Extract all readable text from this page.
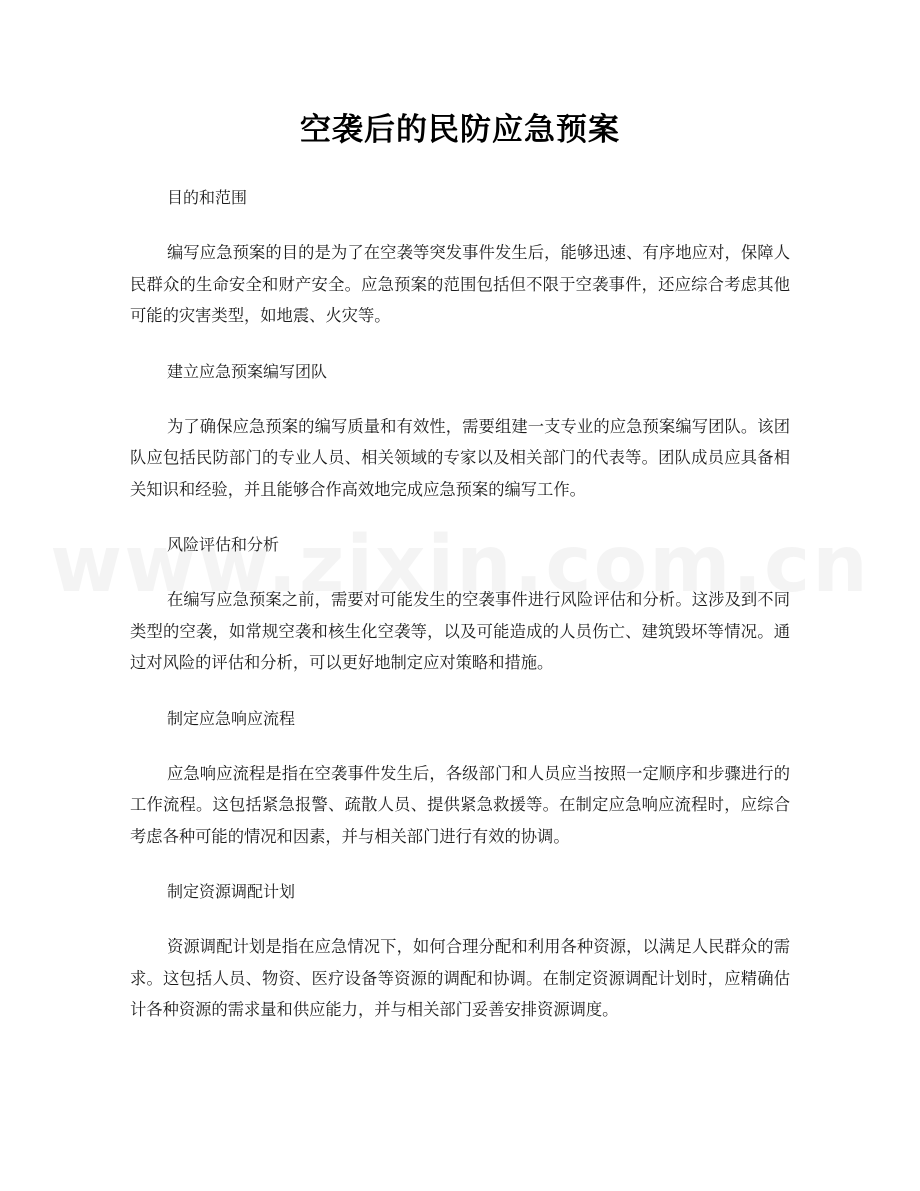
空袭后的民防应急预案

目的和范围

编写应急预案的目的是为了在空袭等突发事件发生后，能够迅速、有序地应对，保障人民群众的生命安全和财产安全。应急预案的范围包括但不限于空袭事件，还应综合考虑其他可能的灾害类型，如地震、火灾等。

建立应急预案编写团队

为了确保应急预案的编写质量和有效性，需要组建一支专业的应急预案编写团队。该团队应包括民防部门的专业人员、相关领域的专家以及相关部门的代表等。团队成员应具备相关知识和经验，并且能够合作高效地完成应急预案的编写工作。

风险评估和分析

在编写应急预案之前，需要对可能发生的空袭事件进行风险评估和分析。这涉及到不同类型的空袭，如常规空袭和核生化空袭等，以及可能造成的人员伤亡、建筑毁坏等情况。通过对风险的评估和分析，可以更好地制定应对策略和措施。

制定应急响应流程

应急响应流程是指在空袭事件发生后，各级部门和人员应当按照一定顺序和步骤进行的工作流程。这包括紧急报警、疏散人员、提供紧急救援等。在制定应急响应流程时，应综合考虑各种可能的情况和因素，并与相关部门进行有效的协调。

制定资源调配计划

资源调配计划是指在应急情况下，如何合理分配和利用各种资源，以满足人民群众的需求。这包括人员、物资、医疗设备等资源的调配和协调。在制定资源调配计划时，应精确估计各种资源的需求量和供应能力，并与相关部门妥善安排资源调度。
